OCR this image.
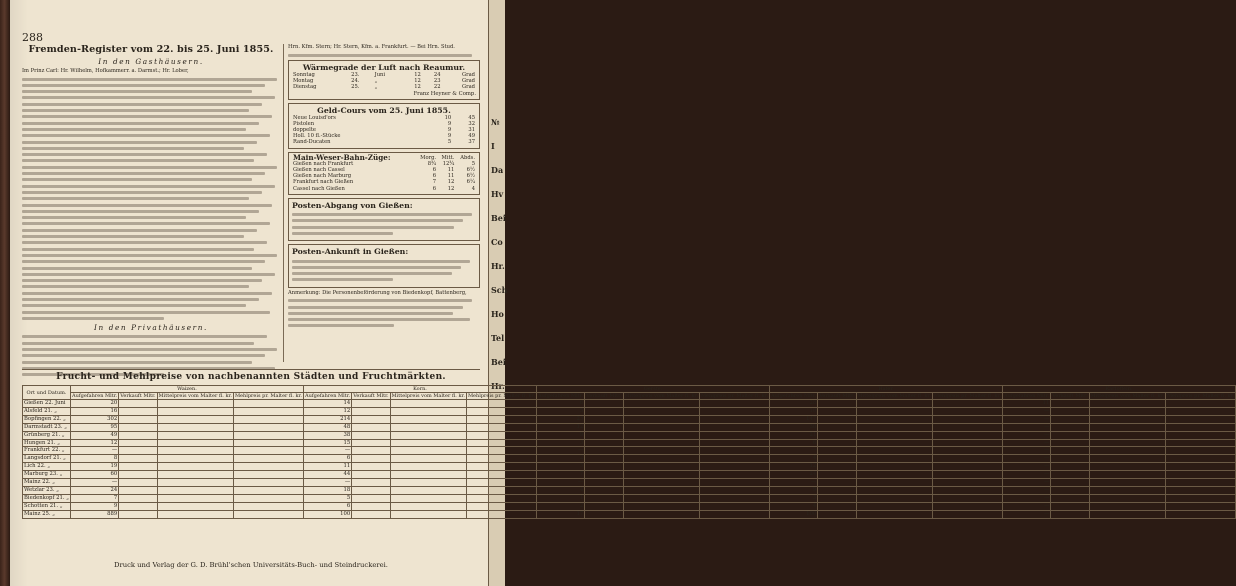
№
I
Da
Hv
Bei
Co
Hr.
Sch
Ho
Tel
Bei
Hr.
288
Fremden-Register vom 22. bis 25. Juni 1855.
In den Gasthäusern.
Im Prinz Carl: Hr. Wilhelm, Hofkammerr. a. Darmst.; Hr. Lober,
In den Privathäusern.
Hrn. Kfm. Stern; Hr. Stern, Kfm. a. Frankfurt. — Bei Hrn. Stud.
Wärmegrade der Luft nach Reaumur.
Sonntag	23.	Juni	12	24	Grad
Montag	24.	„	12	23	Grad
Dienstag	25.	„	12	22	Grad
Franz Heyner & Comp.
Geld-Cours vom 25. Juni 1855.
Neue Louisd'ors	10	45
Pistolen	9	32
doppelte	9	31
Holl. 10 fl.-Stücke	9	49
Rand-Ducaten	5	37
Main-Weser-Bahn-Züge:	Morg.	Mitt.	Abds.
Gießen nach Frankfurt	8¾	12¾	5
Gießen nach Cassel	6	11	6½
Gießen nach Marburg	6	11	6½
Frankfurt nach Gießen	7	12	6¼
Cassel nach Gießen	6	12	4
Posten-Abgang von Gießen:
Posten-Ankunft in Gießen:
Anmerkung: Die Personenbeförderung von Biedenkopf, Battenberg,
Frucht- und Mehlpreise von nachbenannten Städten und Fruchtmärkten.
Ort und Datum.	Waizen.				Korn.				Gerste.				Hafer.				Kartoffeln.			
	Aufgefahren Mltr.	Verkauft Mltr.	Mittelpreis vom Malter fl. kr.	Mehlpreis pr. Malter fl. kr.	Aufgefahren Mltr.	Verkauft Mltr.	Mittelpreis vom Malter fl. kr.	Mehlpreis pr. Malter fl. kr.	Aufgefahren Mltr.	Verkauft Mltr.	Mittelpreis vom Malter fl. kr.	Mehlpreis pr. Malter fl. kr.	Aufgefahren Mltr.	Verkauft Mltr.	Mittelpreis vom Malter fl. kr.	Mehlpreis pr. Malter fl. kr.	Aufgefahren Mltr.	Verkauft Mltr.	Mittelpreis vom Malter fl. kr.	Mehlpreis pr. Malter fl. kr.
Gießen 22. Juni	20				14				6				28				11			
Alsfeld 21. „	16				12				5				10				—			
Bopfingen 22. „	302				214				23				147				—			
Darmstadt 23. „	95				48				12				30				—			
Grünberg 21. „	49				38				9				21				—			
Hungen 21. „	12				15				3				6				—			
Frankfurt 22. „	—				—				—				—				—			
Langsdorf 21. „	8				6				2				4				—			
Lich 22. „	19				11				5				12				—			
Marburg 23. „	60				44				7				24				—			
Mainz 22. „	—				—				—				—				—			
Wetzlar 23. „	24				18				4				9				—			
Biedenkopf 21. „	7				5				1				3				—			
Schotten 21. „	9				6				2				4				—			
Mainz 25. „	889				100				17				100				—			
Druck und Verlag der G. D. Brühl'schen Universitäts-Buch- und Steindruckerei.
